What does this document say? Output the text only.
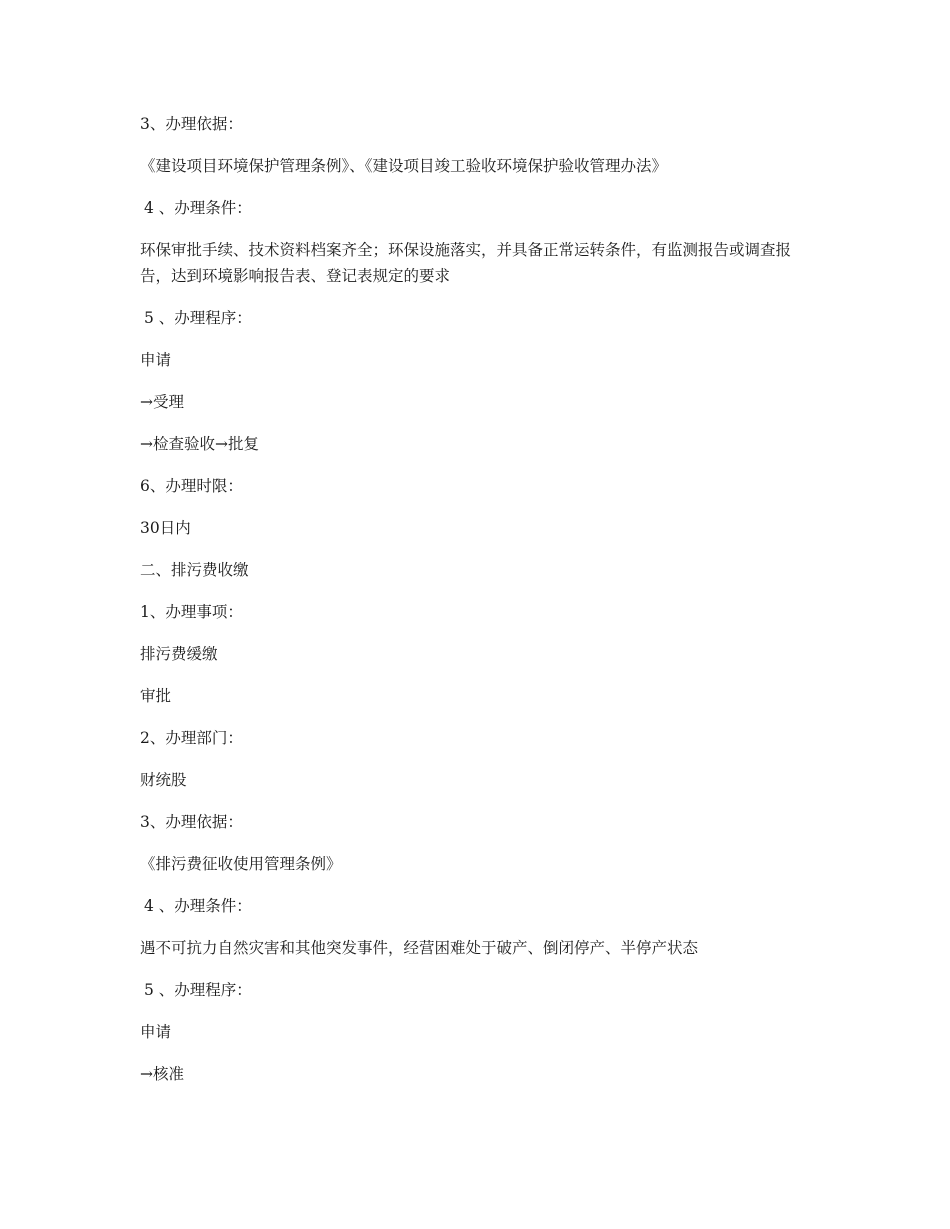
3、办理依据：

《建设项目环境保护管理条例》、《建设项目竣工验收环境保护验收管理办法》

4 、办理条件：

环保审批手续、技术资料档案齐全；环保设施落实，并具备正常运转条件，有监测报告或调查报告，达到环境影响报告表、登记表规定的要求

5 、办理程序：

申请

→受理

→检查验收→批复

6、办理时限：

30日内

二、排污费收缴

1、办理事项：

排污费缓缴

审批

2、办理部门：

财统股

3、办理依据：

《排污费征收使用管理条例》

4 、办理条件：

遇不可抗力自然灾害和其他突发事件，经营困难处于破产、倒闭停产、半停产状态

5 、办理程序：

申请

→核准
